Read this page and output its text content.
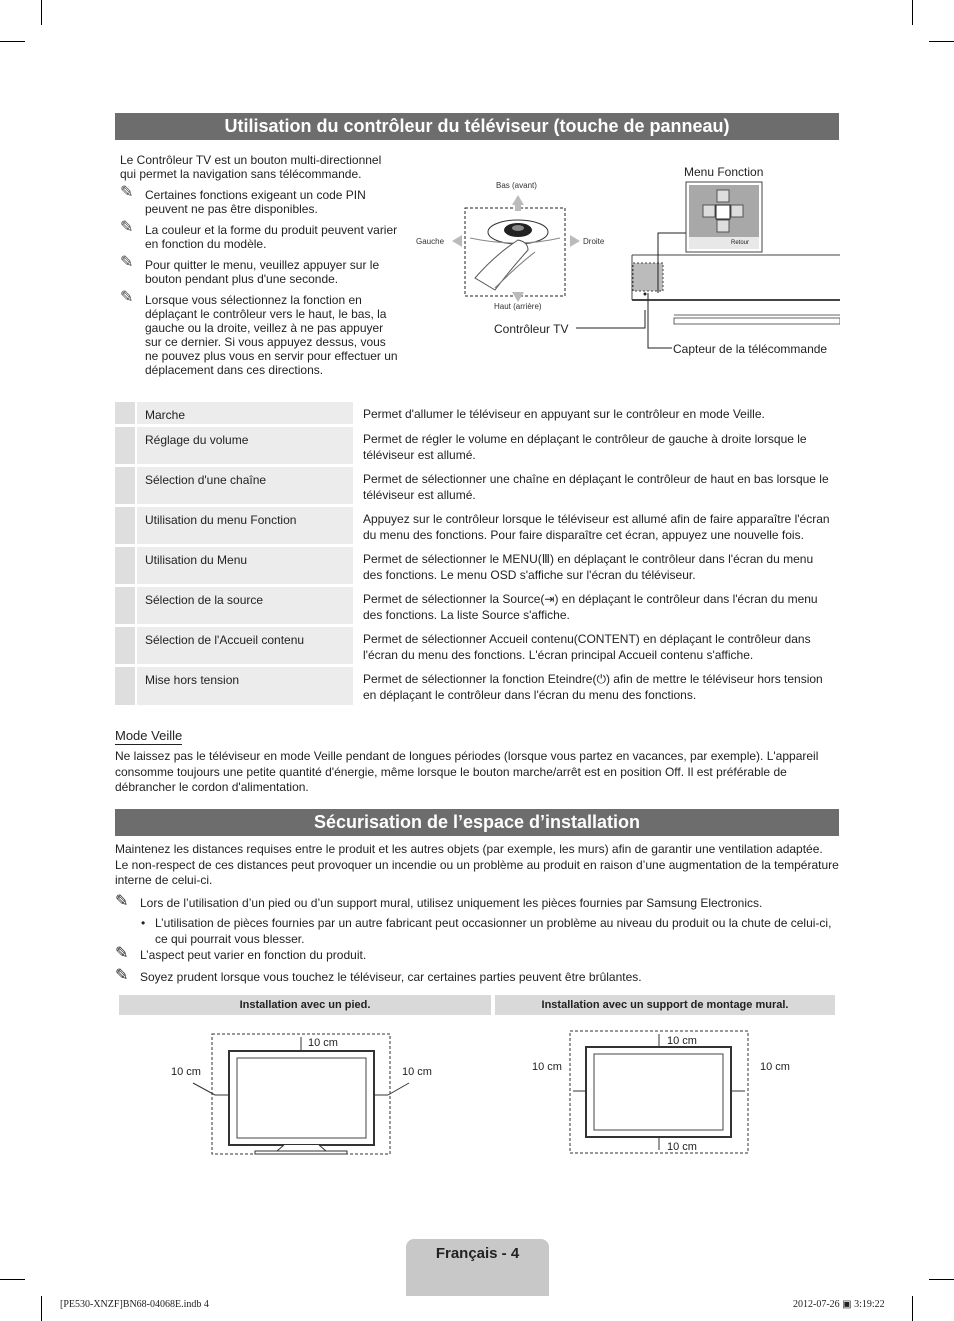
Utilisation du contrôleur du téléviseur (touche de panneau)
Le Contrôleur TV est un bouton multi-directionnel qui permet la navigation sans télécommande.
✎ Certaines fonctions exigeant un code PIN peuvent ne pas être disponibles.
✎ La couleur et la forme du produit peuvent varier en fonction du modèle.
✎ Pour quitter le menu, veuillez appuyer sur le bouton pendant plus d'une seconde.
✎ Lorsque vous sélectionnez la fonction en déplaçant le contrôleur vers le haut, le bas, la gauche ou la droite, veillez à ne pas appuyer sur ce dernier. Si vous appuyez dessus, vous ne pouvez plus vous en servir pour effectuer un déplacement dans ces directions.
Bas (avant)
Haut (arrière)
Gauche	Droite
Menu Fonction
Retour
Contrôleur TV
Capteur de la télécommande
Marche	Permet d'allumer le téléviseur en appuyant sur le contrôleur en mode Veille.
Réglage du volume	Permet de régler le volume en déplaçant le contrôleur de gauche à droite lorsque le téléviseur est allumé.
Sélection d'une chaîne	Permet de sélectionner une chaîne en déplaçant le contrôleur de haut en bas lorsque le téléviseur est allumé.
Utilisation du menu Fonction	Appuyez sur le contrôleur lorsque le téléviseur est allumé afin de faire apparaître l'écran du menu des fonctions. Pour faire disparaître cet écran, appuyez une nouvelle fois.
Utilisation du Menu	Permet de sélectionner le MENU(Ⅲ) en déplaçant le contrôleur dans l'écran du menu des fonctions. Le menu OSD s'affiche sur l'écran du téléviseur.
Sélection de la source	Permet de sélectionner la Source(⇥) en déplaçant le contrôleur dans l'écran du menu des fonctions. La liste Source s'affiche.
Sélection de l'Accueil contenu	Permet de sélectionner Accueil contenu(CONTENT) en déplaçant le contrôleur dans l'écran du menu des fonctions. L'écran principal Accueil contenu s'affiche.
Mise hors tension	Permet de sélectionner la fonction Eteindre(⏻) afin de mettre le téléviseur hors tension en déplaçant le contrôleur dans l'écran du menu des fonctions.
Mode Veille
Ne laissez pas le téléviseur en mode Veille pendant de longues périodes (lorsque vous partez en vacances, par exemple). L'appareil consomme toujours une petite quantité d'énergie, même lorsque le bouton marche/arrêt est en position Off. Il est préférable de débrancher le cordon d'alimentation.
Sécurisation de l’espace d’installation
Maintenez les distances requises entre le produit et les autres objets (par exemple, les murs) afin de garantir une ventilation adaptée. Le non-respect de ces distances peut provoquer un incendie ou un problème au produit en raison d’une augmentation de la température interne de celui-ci.
✎ Lors de l’utilisation d’un pied ou d’un support mural, utilisez uniquement les pièces fournies par Samsung Electronics.
• L’utilisation de pièces fournies par un autre fabricant peut occasionner un problème au niveau du produit ou la chute de celui-ci, ce qui pourrait vous blesser.
✎ L’aspect peut varier en fonction du produit.
✎ Soyez prudent lorsque vous touchez le téléviseur, car certaines parties peuvent être brûlantes.
Installation avec un pied.	Installation avec un support de montage mural.
10 cm
10 cm	10 cm
10 cm
10 cm	10 cm
10 cm
Français - 4
[PE530-XNZF]BN68-04068E.indb 4	2012-07-26 ▣ 3:19:22
